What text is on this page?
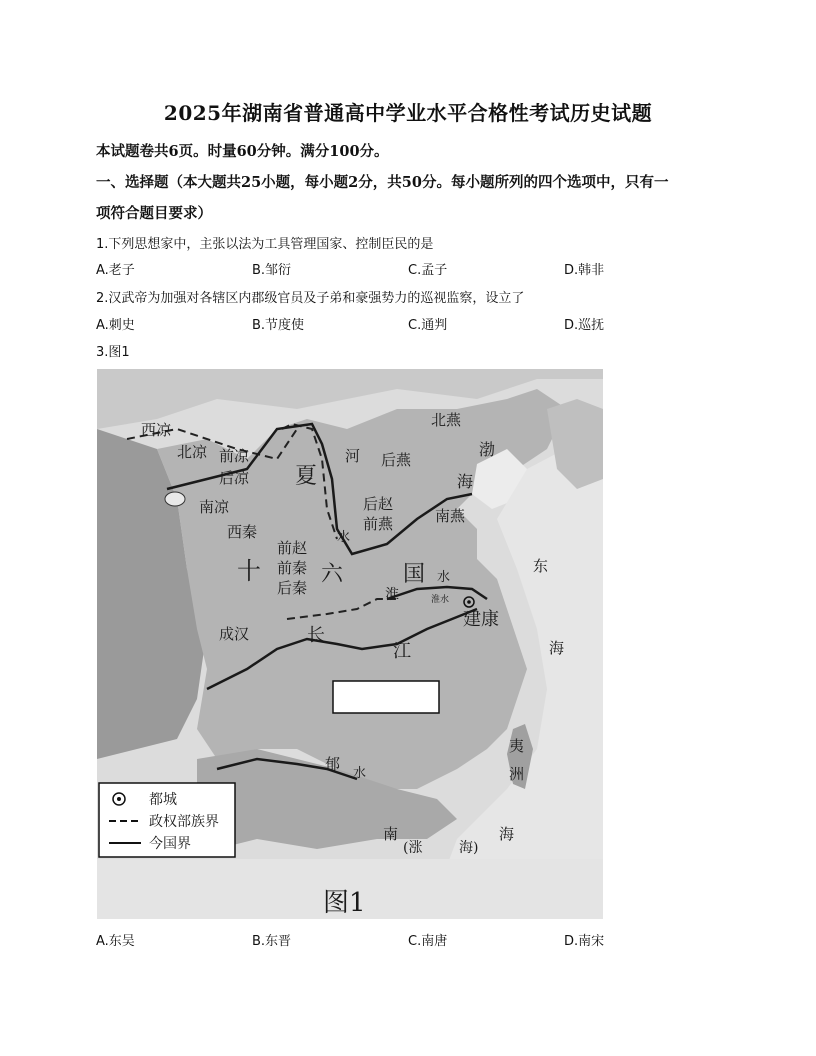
2025年湖南省普通高中学业水平合格性考试历史试题
本试题卷共6页。时量60分钟。满分100分。
一、选择题（本大题共25小题，每小题2分，共50分。每小题所列的四个选项中，只有一
项符合题目要求）
1.下列思想家中，主张以法为工具管理国家、控制臣民的是
A.老子	B.邹衍	C.孟子	D.韩非
2.汉武帝为加强对各辖区内郡级官员及子弟和豪强势力的巡视监察，设立了
A.刺史	B.节度使	C.通判	D.巡抚
3.图1
西凉
北凉 前凉
后凉
南凉
西秦
夏
河 后燕
北燕
渤
海
后赵
前燕	南燕
水
前赵
前秦
后秦
十	六	国
淮
水
淮水
东
建康
成汉	长
江	海
夷
洲
郁
水
南
(涨	海)
海
都城
政权部族界
今国界
图1
A.东吴	B.东晋	C.南唐	D.南宋
